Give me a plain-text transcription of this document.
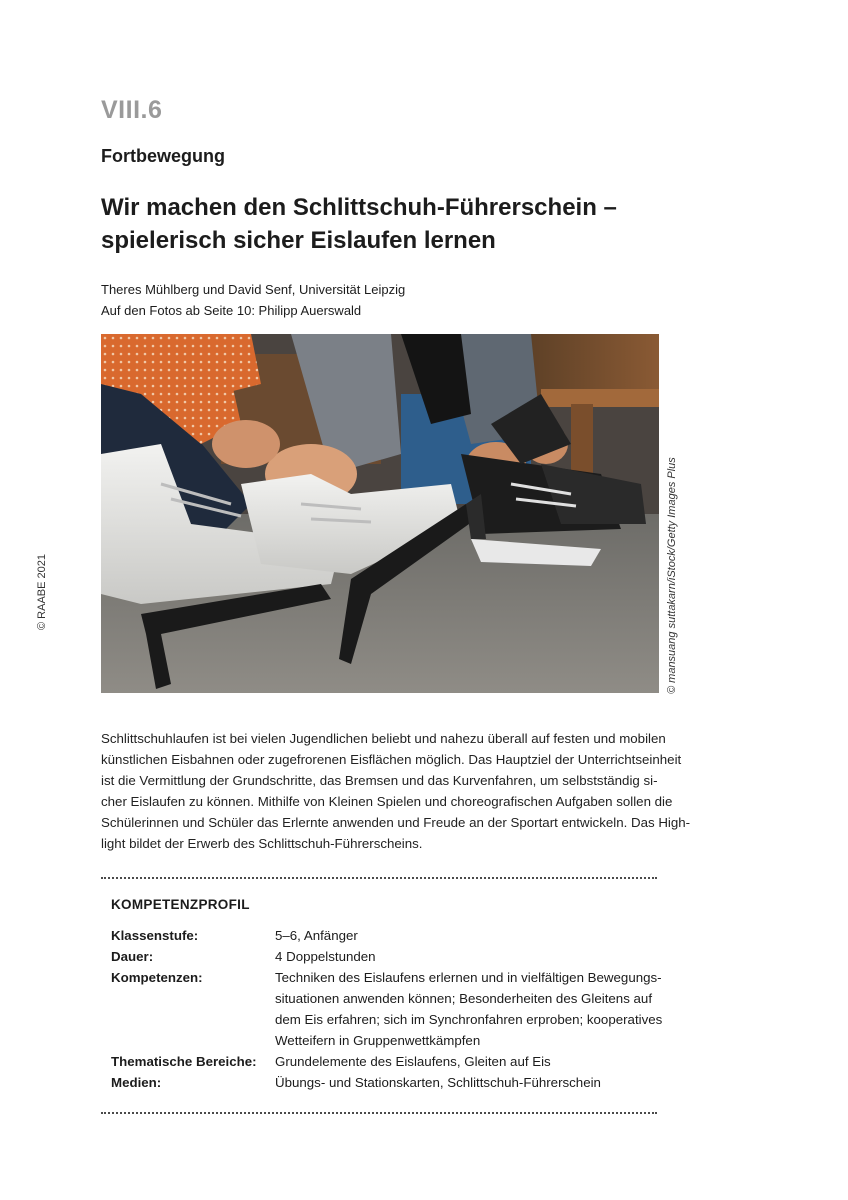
VIII.6
Fortbewegung
Wir machen den Schlittschuh-Führerschein –
spielerisch sicher Eislaufen lernen
Theres Mühlberg und David Senf, Universität Leipzig
Auf den Fotos ab Seite 10: Philipp Auerswald
© RAABE 2021	© mansuang suttakarn/iStock/Getty Images Plus
Schlittschuhlaufen ist bei vielen Jugendlichen beliebt und nahezu überall auf festen und mobilen
künstlichen Eisbahnen oder zugefrorenen Eisflächen möglich. Das Hauptziel der Unterrichtseinheit
ist die Vermittlung der Grundschritte, das Bremsen und das Kurvenfahren, um selbstständig si-
cher Eislaufen zu können. Mithilfe von Kleinen Spielen und choreografischen Aufgaben sollen die
Schülerinnen und Schüler das Erlernte anwenden und Freude an der Sportart entwickeln. Das High-
light bildet der Erwerb des Schlittschuh-Führerscheins.
KOMPETENZPROFIL
Klassenstufe:	5–6, Anfänger
Dauer:	4 Doppelstunden
Kompetenzen:	Techniken des Eislaufens erlernen und in vielfältigen Bewegungs-
situationen anwenden können; Besonderheiten des Gleitens auf
dem Eis erfahren; sich im Synchronfahren erproben; kooperatives
Wetteifern in Gruppenwettkämpfen
Thematische Bereiche:	Grundelemente des Eislaufens, Gleiten auf Eis
Medien:	Übungs- und Stationskarten, Schlittschuh-Führerschein
